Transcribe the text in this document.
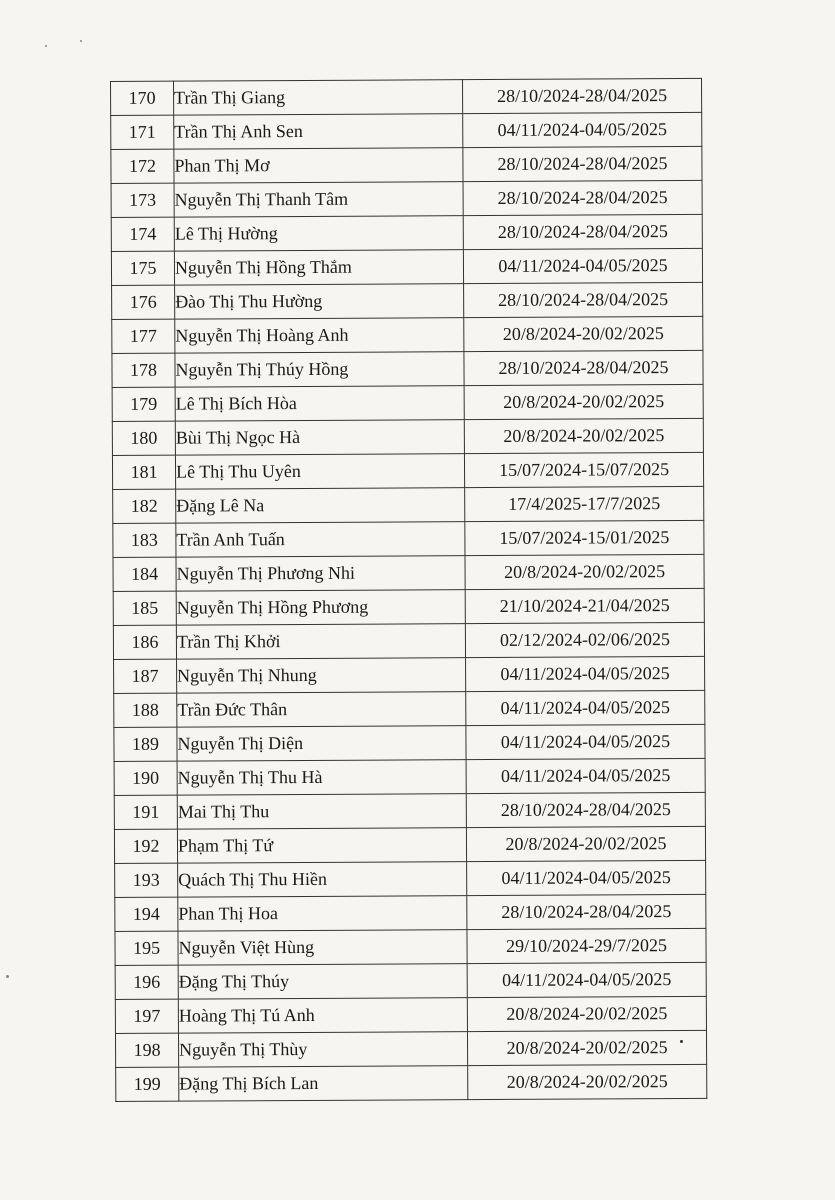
170	Trần Thị Giang	28/10/2024-28/04/2025
171	Trần Thị Anh Sen	04/11/2024-04/05/2025
172	Phan Thị Mơ	28/10/2024-28/04/2025
173	Nguyễn Thị Thanh Tâm	28/10/2024-28/04/2025
174	Lê Thị Hường	28/10/2024-28/04/2025
175	Nguyễn Thị Hồng Thắm	04/11/2024-04/05/2025
176	Đào Thị Thu Hường	28/10/2024-28/04/2025
177	Nguyễn Thị Hoàng Anh	20/8/2024-20/02/2025
178	Nguyễn Thị Thúy Hồng	28/10/2024-28/04/2025
179	Lê Thị Bích Hòa	20/8/2024-20/02/2025
180	Bùi Thị Ngọc Hà	20/8/2024-20/02/2025
181	Lê Thị Thu Uyên	15/07/2024-15/07/2025
182	Đặng Lê Na	17/4/2025-17/7/2025
183	Trần Anh Tuấn	15/07/2024-15/01/2025
184	Nguyễn Thị Phương Nhi	20/8/2024-20/02/2025
185	Nguyễn Thị Hồng Phương	21/10/2024-21/04/2025
186	Trần Thị Khởi	02/12/2024-02/06/2025
187	Nguyễn Thị Nhung	04/11/2024-04/05/2025
188	Trần Đức Thân	04/11/2024-04/05/2025
189	Nguyễn Thị Diện	04/11/2024-04/05/2025
190	Nguyễn Thị Thu Hà	04/11/2024-04/05/2025
191	Mai Thị Thu	28/10/2024-28/04/2025
192	Phạm Thị Tứ	20/8/2024-20/02/2025
193	Quách Thị Thu Hiền	04/11/2024-04/05/2025
194	Phan Thị Hoa	28/10/2024-28/04/2025
195	Nguyễn Việt Hùng	29/10/2024-29/7/2025
196	Đặng Thị Thúy	04/11/2024-04/05/2025
197	Hoàng Thị Tú Anh	20/8/2024-20/02/2025
198	Nguyễn Thị Thùy	20/8/2024-20/02/2025
199	Đặng Thị Bích Lan	20/8/2024-20/02/2025
